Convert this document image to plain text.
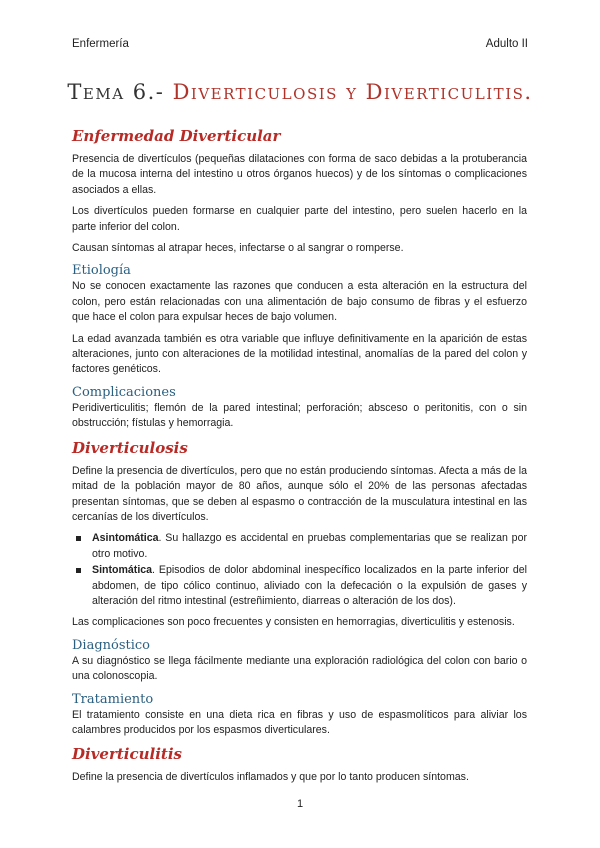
Enfermería	Adulto II
Tema 6.- Diverticulosis y Diverticulitis.
Enfermedad Diverticular

Presencia de divertículos (pequeñas dilataciones con forma de saco debidas a la protuberancia de la mucosa interna del intestino u otros órganos huecos) y de los síntomas o complicaciones asociados a ellas.

Los divertículos pueden formarse en cualquier parte del intestino, pero suelen hacerlo en la parte inferior del colon.

Causan síntomas al atrapar heces, infectarse o al sangrar o romperse.

Etiología

No se conocen exactamente las razones que conducen a esta alteración en la estructura del colon, pero están relacionadas con una alimentación de bajo consumo de fibras y el esfuerzo que hace el colon para expulsar heces de bajo volumen.

La edad avanzada también es otra variable que influye definitivamente en la aparición de estas alteraciones, junto con alteraciones de la motilidad intestinal, anomalías de la pared del colon y factores genéticos.

Complicaciones

Peridiverticulitis; flemón de la pared intestinal; perforación; absceso o peritonitis, con o sin obstrucción; fístulas y hemorragia.

Diverticulosis

Define la presencia de divertículos, pero que no están produciendo síntomas. Afecta a más de la mitad de la población mayor de 80 años, aunque sólo el 20% de las personas afectadas presentan síntomas, que se deben al espasmo o contracción de la musculatura intestinal en las cercanías de los divertículos.

Asintomática. Su hallazgo es accidental en pruebas complementarias que se realizan por otro motivo.
Sintomática. Episodios de dolor abdominal inespecífico localizados en la parte inferior del abdomen, de tipo cólico continuo, aliviado con la defecación o la expulsión de gases y alteración del ritmo intestinal (estreñimiento, diarreas o alteración de los dos).

Las complicaciones son poco frecuentes y consisten en hemorragias, diverticulitis y estenosis.

Diagnóstico

A su diagnóstico se llega fácilmente mediante una exploración radiológica del colon con bario o una colonoscopia.

Tratamiento

El tratamiento consiste en una dieta rica en fibras y uso de espasmolíticos para aliviar los calambres producidos por los espasmos diverticulares.

Diverticulitis

Define la presencia de divertículos inflamados y que por lo tanto producen síntomas.

1
